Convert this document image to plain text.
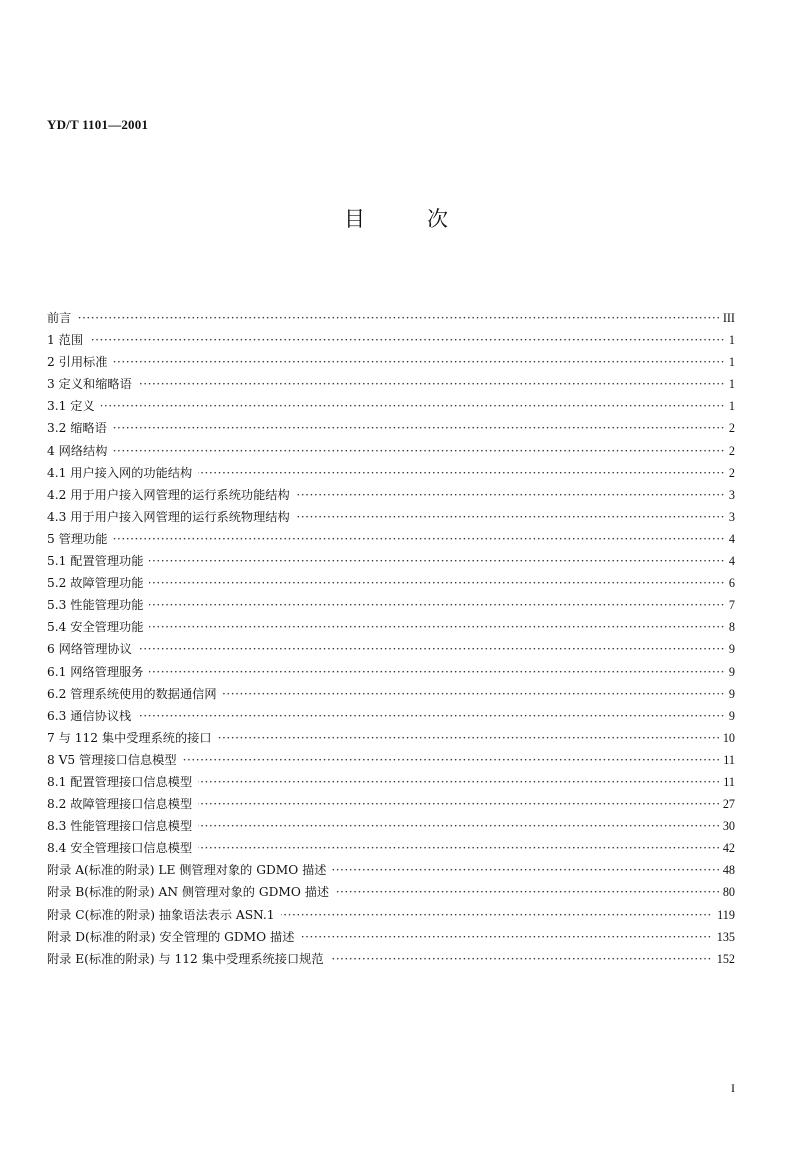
YD/T 1101—2001
目	次
·····
前言	III
·····
1 范围	1
·····
2 引用标准	1
·····
3 定义和缩略语	1
·····
3.1 定义	1
·····
3.2 缩略语	2
·····
4 网络结构	2
·····
4.1 用户接入网的功能结构	2
·····
4.2 用于用户接入网管理的运行系统功能结构	3
·····
4.3 用于用户接入网管理的运行系统物理结构	3
·····
5 管理功能	4
·····
5.1 配置管理功能	4
·····
5.2 故障管理功能	6
·····
5.3 性能管理功能	7
·····
5.4 安全管理功能	8
·····
6 网络管理协议	9
·····
6.1 网络管理服务	9
·····
6.2 管理系统使用的数据通信网	9
·····
6.3 通信协议栈	9
·····
7 与 112 集中受理系统的接口	10
·····
8 V5 管理接口信息模型	11
·····
8.1 配置管理接口信息模型	11
·····
8.2 故障管理接口信息模型	27
·····
8.3 性能管理接口信息模型	30
·····
8.4 安全管理接口信息模型	42
·····
附录 A(标准的附录) LE 侧管理对象的 GDMO 描述	48
·····
附录 B(标准的附录) AN 侧管理对象的 GDMO 描述	80
·····
附录 C(标准的附录) 抽象语法表示 ASN.1	119
·····
附录 D(标准的附录) 安全管理的 GDMO 描述	135
·····
附录 E(标准的附录) 与 112 集中受理系统接口规范	152
I
